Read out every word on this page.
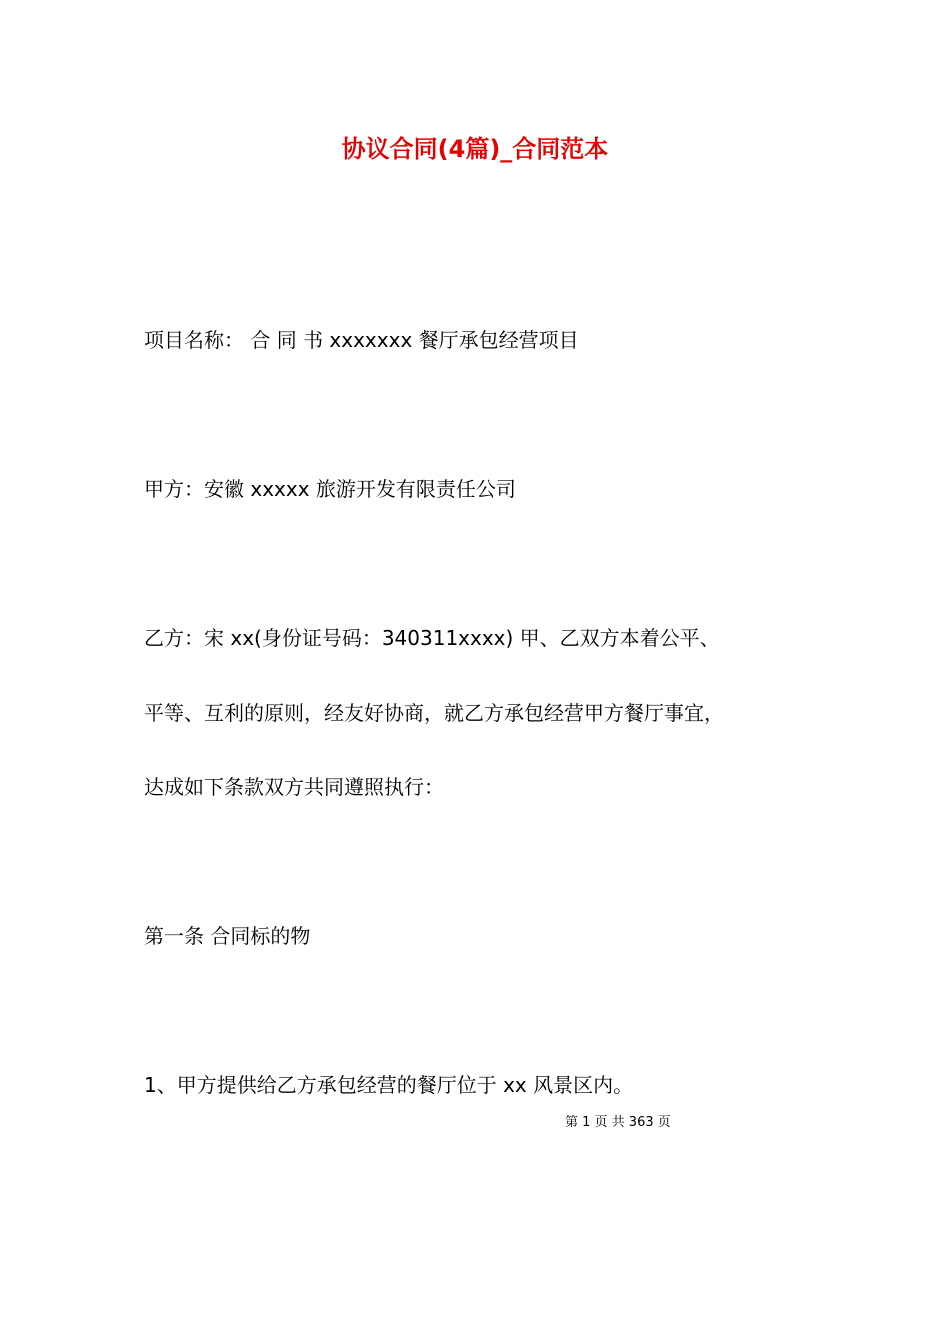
协议合同(4篇)_合同范本
项目名称： 合 同 书 xxxxxxx 餐厅承包经营项目
甲方：安徽 xxxxx 旅游开发有限责任公司
乙方：宋 xx(身份证号码：340311xxxx) 甲、乙双方本着公平、
平等、互利的原则，经友好协商，就乙方承包经营甲方餐厅事宜，
达成如下条款双方共同遵照执行：
第一条 合同标的物
1、甲方提供给乙方承包经营的餐厅位于 xx 风景区内。
第 1 页 共 363 页
